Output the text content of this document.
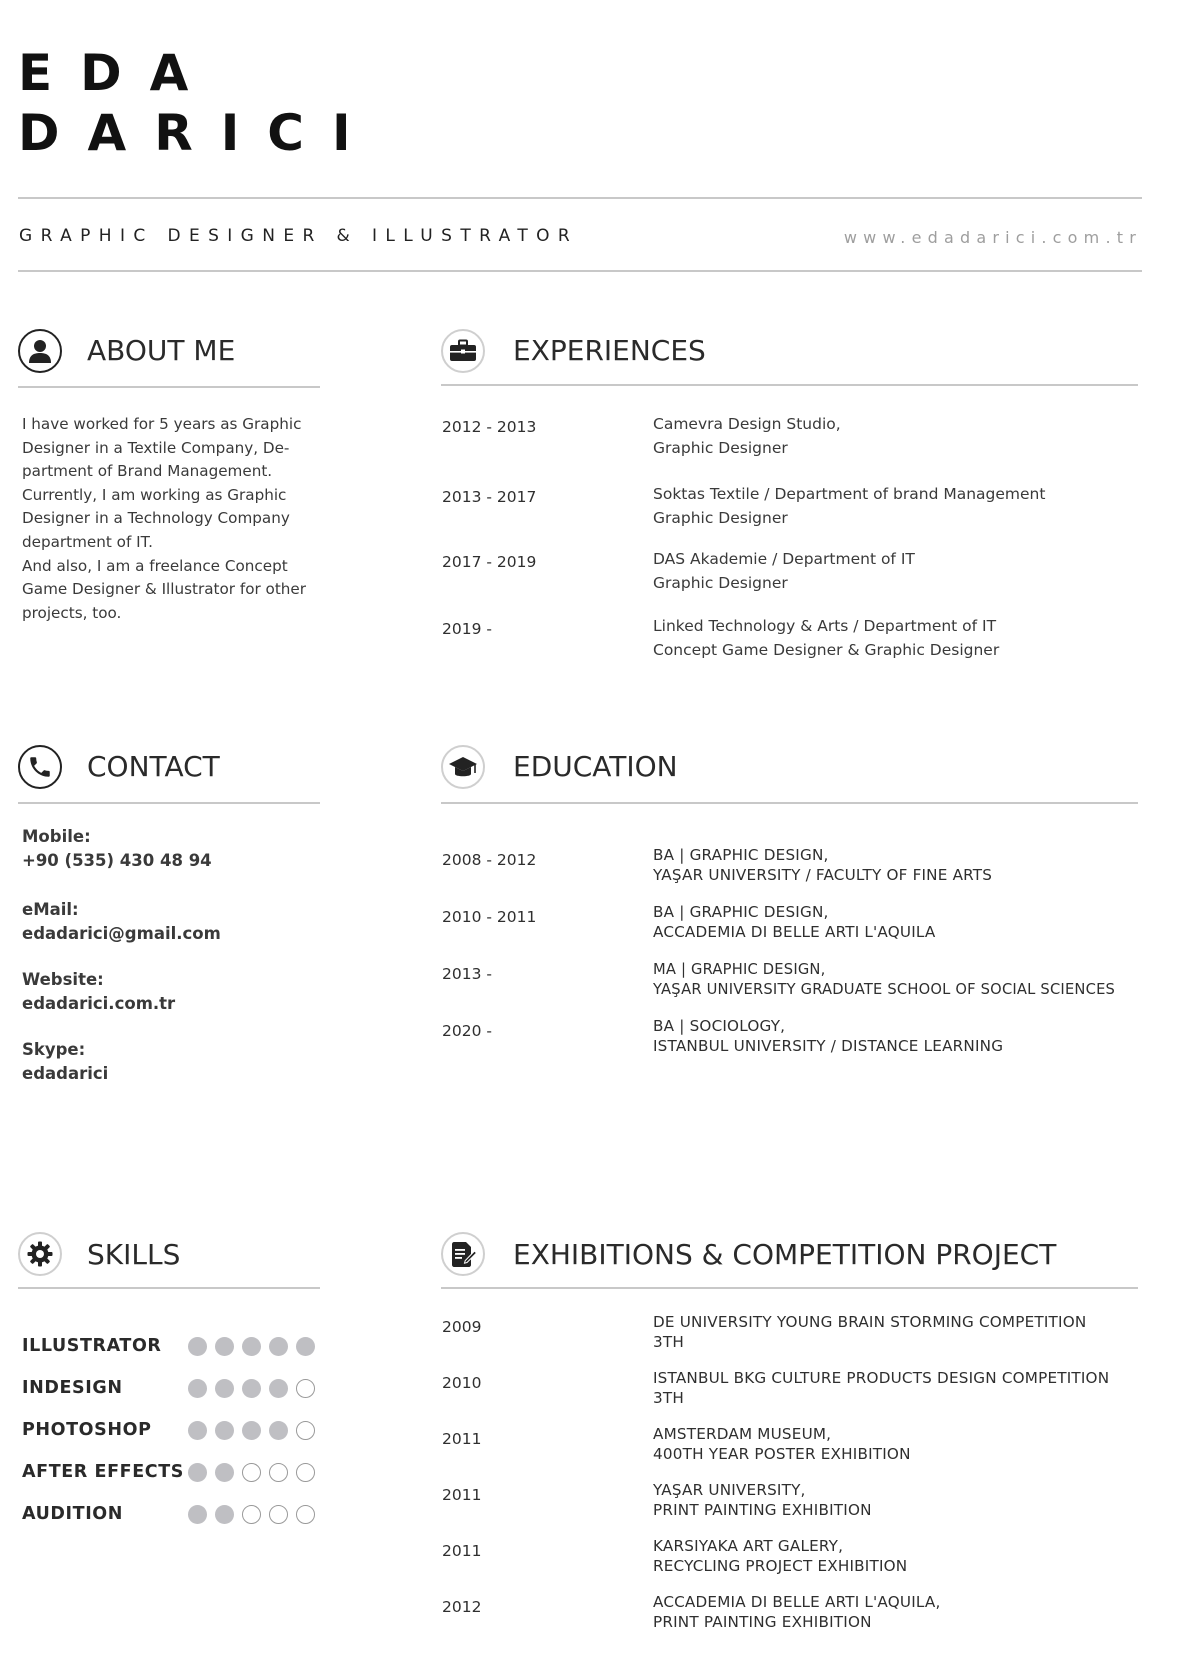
EDA
DARICI
GRAPHIC DESIGNER & ILLUSTRATOR	www.edadarici.com.tr
ABOUT ME
I have worked for 5 years as Graphic
Designer in a Textile Company, De-
partment of Brand Management.
Currently, I am working as Graphic
Designer in a Technology Company
department of IT.
And also, I am a freelance Concept
Game Designer & Illustrator for other
projects, too.
EXPERIENCES
2012 - 2013	Camevra Design Studio,
Graphic Designer
2013 - 2017	Soktas Textile / Department of brand Management
Graphic Designer
2017 - 2019	DAS Akademie / Department of IT
Graphic Designer
2019 -	Linked Technology & Arts / Department of IT
Concept Game Designer & Graphic Designer
CONTACT
Mobile:
+90 (535) 430 48 94
eMail:
edadarici@gmail.com
Website:
edadarici.com.tr
Skype:
edadarici
EDUCATION
2008 - 2012	BA | GRAPHIC DESIGN,
YAŞAR UNIVERSITY / FACULTY OF FINE ARTS
2010 - 2011	BA | GRAPHIC DESIGN,
ACCADEMIA DI BELLE ARTI L'AQUILA
2013 -	MA | GRAPHIC DESIGN,
YAŞAR UNIVERSITY GRADUATE SCHOOL OF SOCIAL SCIENCES
2020 -	BA | SOCIOLOGY,
ISTANBUL UNIVERSITY / DISTANCE LEARNING
SKILLS
ILLUSTRATOR
INDESIGN
PHOTOSHOP
AFTER EFFECTS
AUDITION
EXHIBITIONS & COMPETITION PROJECT
2009	DE UNIVERSITY YOUNG BRAIN STORMING COMPETITION
3TH
2010	ISTANBUL BKG CULTURE PRODUCTS DESIGN COMPETITION
3TH
2011	AMSTERDAM MUSEUM,
400TH YEAR POSTER EXHIBITION
2011	YAŞAR UNIVERSITY,
PRINT PAINTING EXHIBITION
2011	KARSIYAKA ART GALERY,
RECYCLING PROJECT EXHIBITION
2012	ACCADEMIA DI BELLE ARTI L'AQUILA,
PRINT PAINTING EXHIBITION
